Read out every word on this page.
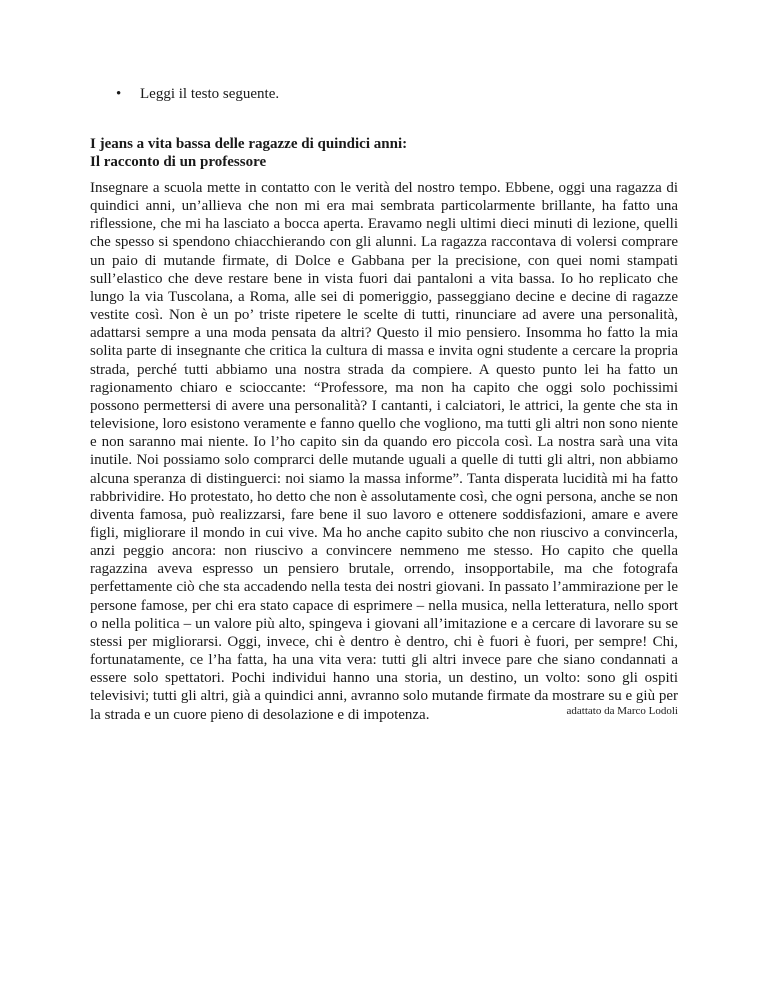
•	Leggi il testo seguente.
I jeans a vita bassa delle ragazze di quindici anni:
Il racconto di un professore

Insegnare a scuola mette in contatto con le verità del nostro tempo. Ebbene, oggi una ragazza di quindici anni, un’allieva che non mi era mai sembrata particolarmente brillante, ha fatto una riflessione, che mi ha lasciato a bocca aperta. Eravamo negli ultimi dieci minuti di lezione, quelli che spesso si spendono chiacchierando con gli alunni. La ragazza raccontava di volersi comprare un paio di mutande firmate, di Dolce e Gabbana per la precisione, con quei nomi stampati sull’elastico che deve restare bene in vista fuori dai pantaloni a vita bassa. Io ho replicato che lungo la via Tuscolana, a Roma, alle sei di pomeriggio, passeggiano decine e decine di ragazze vestite così. Non è un po’ triste ripetere le scelte di tutti, rinunciare ad avere una personalità, adattarsi sempre a una moda pensata da altri? Questo il mio pensiero. Insomma ho fatto la mia solita parte di insegnante che critica la cultura di massa e invita ogni studente a cercare la propria strada, perché tutti abbiamo una nostra strada da compiere. A questo punto lei ha fatto un ragionamento chiaro e scioccante: “Professore, ma non ha capito che oggi solo pochissimi possono permettersi di avere una personalità? I cantanti, i calciatori, le attrici, la gente che sta in televisione, loro esistono veramente e fanno quello che vogliono, ma tutti gli altri non sono niente e non saranno mai niente. Io l’ho capito sin da quando ero piccola così. La nostra sarà una vita inutile. Noi possiamo solo comprarci delle mutande uguali a quelle di tutti gli altri, non abbiamo alcuna speranza di distinguerci: noi siamo la massa informe”. Tanta disperata lucidità mi ha fatto rabbrividire. Ho protestato, ho detto che non è assolutamente così, che ogni persona, anche se non diventa famosa, può realizzarsi, fare bene il suo lavoro e ottenere soddisfazioni, amare e avere figli, migliorare il mondo in cui vive. Ma ho anche capito subito che non riuscivo a convincerla, anzi peggio ancora: non riuscivo a convincere nemmeno me stesso. Ho capito che quella ragazzina aveva espresso un pensiero brutale, orrendo, insopportabile, ma che fotografa perfettamente ciò che sta accadendo nella testa dei nostri giovani. In passato l’ammirazione per le persone famose, per chi era stato capace di esprimere – nella musica, nella letteratura, nello sport o nella politica – un valore più alto, spingeva i giovani all’imitazione e a cercare di lavorare su se stessi per migliorarsi. Oggi, invece, chi è dentro è dentro, chi è fuori è fuori, per sempre! Chi, fortunatamente, ce l’ha fatta, ha una vita vera: tutti gli altri invece pare che siano condannati a essere solo spettatori. Pochi individui hanno una storia, un destino, un volto: sono gli ospiti televisivi; tutti gli altri, già a quindici anni, avranno solo mutande firmate da mostrare su e giù per la strada e un cuore pieno di desolazione e di impotenza.	adattato da Marco Lodoli
